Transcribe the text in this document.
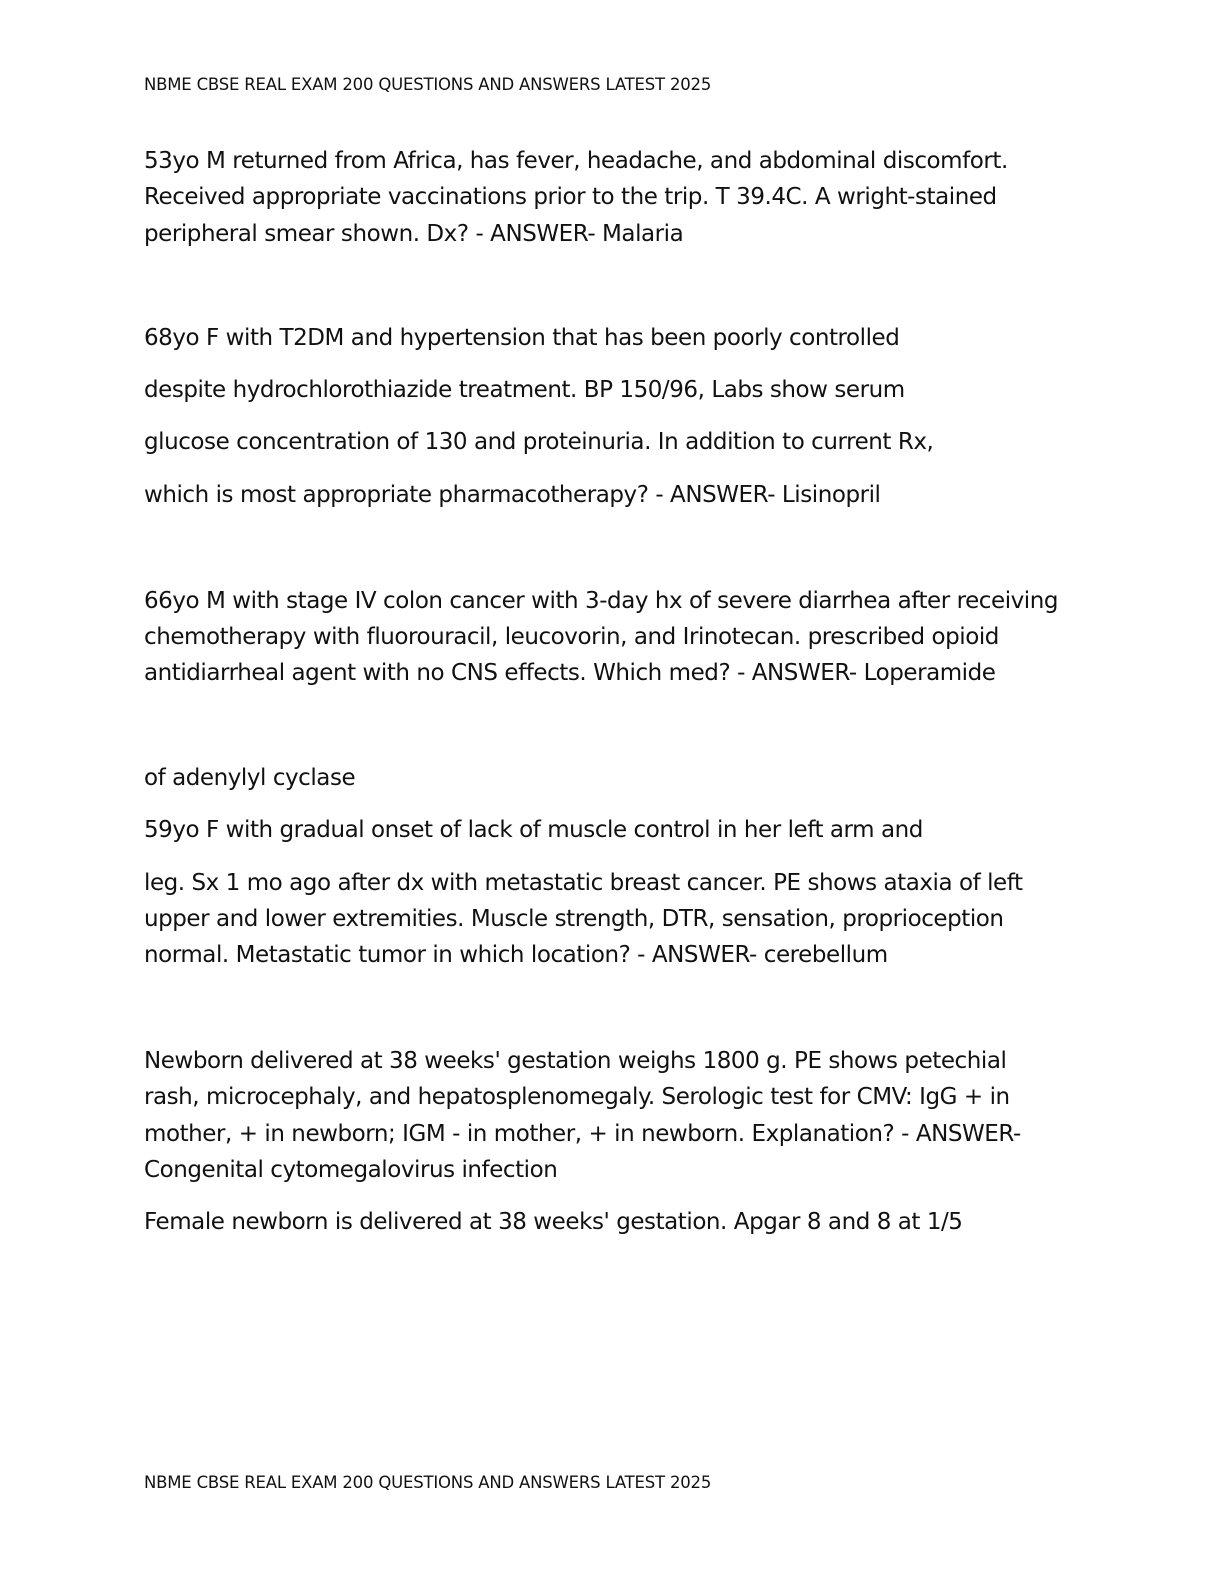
NBME CBSE REAL EXAM 200 QUESTIONS AND ANSWERS LATEST 2025
53yo M returned from Africa, has fever, headache, and abdominal discomfort.
Received appropriate vaccinations prior to the trip. T 39.4C. A wright-stained
peripheral smear shown. Dx? - ANSWER- Malaria
68yo F with T2DM and hypertension that has been poorly controlled
despite hydrochlorothiazide treatment. BP 150/96, Labs show serum
glucose concentration of 130 and proteinuria. In addition to current Rx,
which is most appropriate pharmacotherapy? - ANSWER- Lisinopril
66yo M with stage IV colon cancer with 3-day hx of severe diarrhea after receiving
chemotherapy with fluorouracil, leucovorin, and Irinotecan. prescribed opioid
antidiarrheal agent with no CNS effects. Which med? - ANSWER- Loperamide
of adenylyl cyclase
59yo F with gradual onset of lack of muscle control in her left arm and
leg. Sx 1 mo ago after dx with metastatic breast cancer. PE shows ataxia of left
upper and lower extremities. Muscle strength, DTR, sensation, proprioception
normal. Metastatic tumor in which location? - ANSWER- cerebellum
Newborn delivered at 38 weeks' gestation weighs 1800 g. PE shows petechial
rash, microcephaly, and hepatosplenomegaly. Serologic test for CMV: IgG + in
mother, + in newborn; IGM - in mother, + in newborn. Explanation? - ANSWER-
Congenital cytomegalovirus infection
Female newborn is delivered at 38 weeks' gestation. Apgar 8 and 8 at 1/5
NBME CBSE REAL EXAM 200 QUESTIONS AND ANSWERS LATEST 2025
